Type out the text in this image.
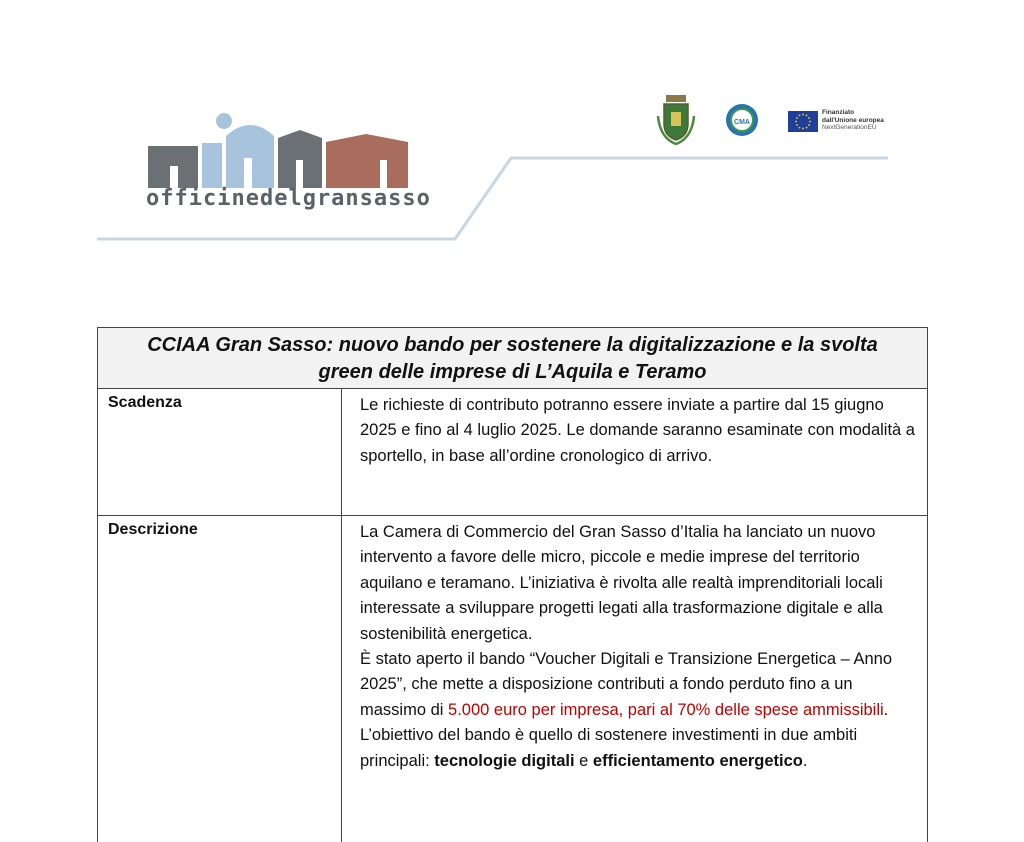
officinedelgransasso
CMA
Finanziato
dall'Unione europea
NextGenerationEU
CCIAA Gran Sasso: nuovo bando per sostenere la digitalizzazione e la svolta
green delle imprese di L’Aquila e Teramo
Scadenza	Le richieste di contributo potranno essere inviate a partire dal 15 giugno 2025 e fino al 4 luglio 2025. Le domande saranno esaminate con modalità a sportello, in base all’ordine cronologico di arrivo.

Descrizione	La Camera di Commercio del Gran Sasso d’Italia ha lanciato un nuovo intervento a favore delle micro, piccole e medie imprese del territorio aquilano e teramano. L’iniziativa è rivolta alle realtà imprenditoriali locali interessate a sviluppare progetti legati alla trasformazione digitale e alla sostenibilità energetica.

È stato aperto il bando “Voucher Digitali e Transizione Energetica – Anno 2025”, che mette a disposizione contributi a fondo perduto fino a un massimo di 5.000 euro per impresa, pari al 70% delle spese ammissibili.

L’obiettivo del bando è quello di sostenere investimenti in due ambiti principali: tecnologie digitali e efficientamento energetico.
